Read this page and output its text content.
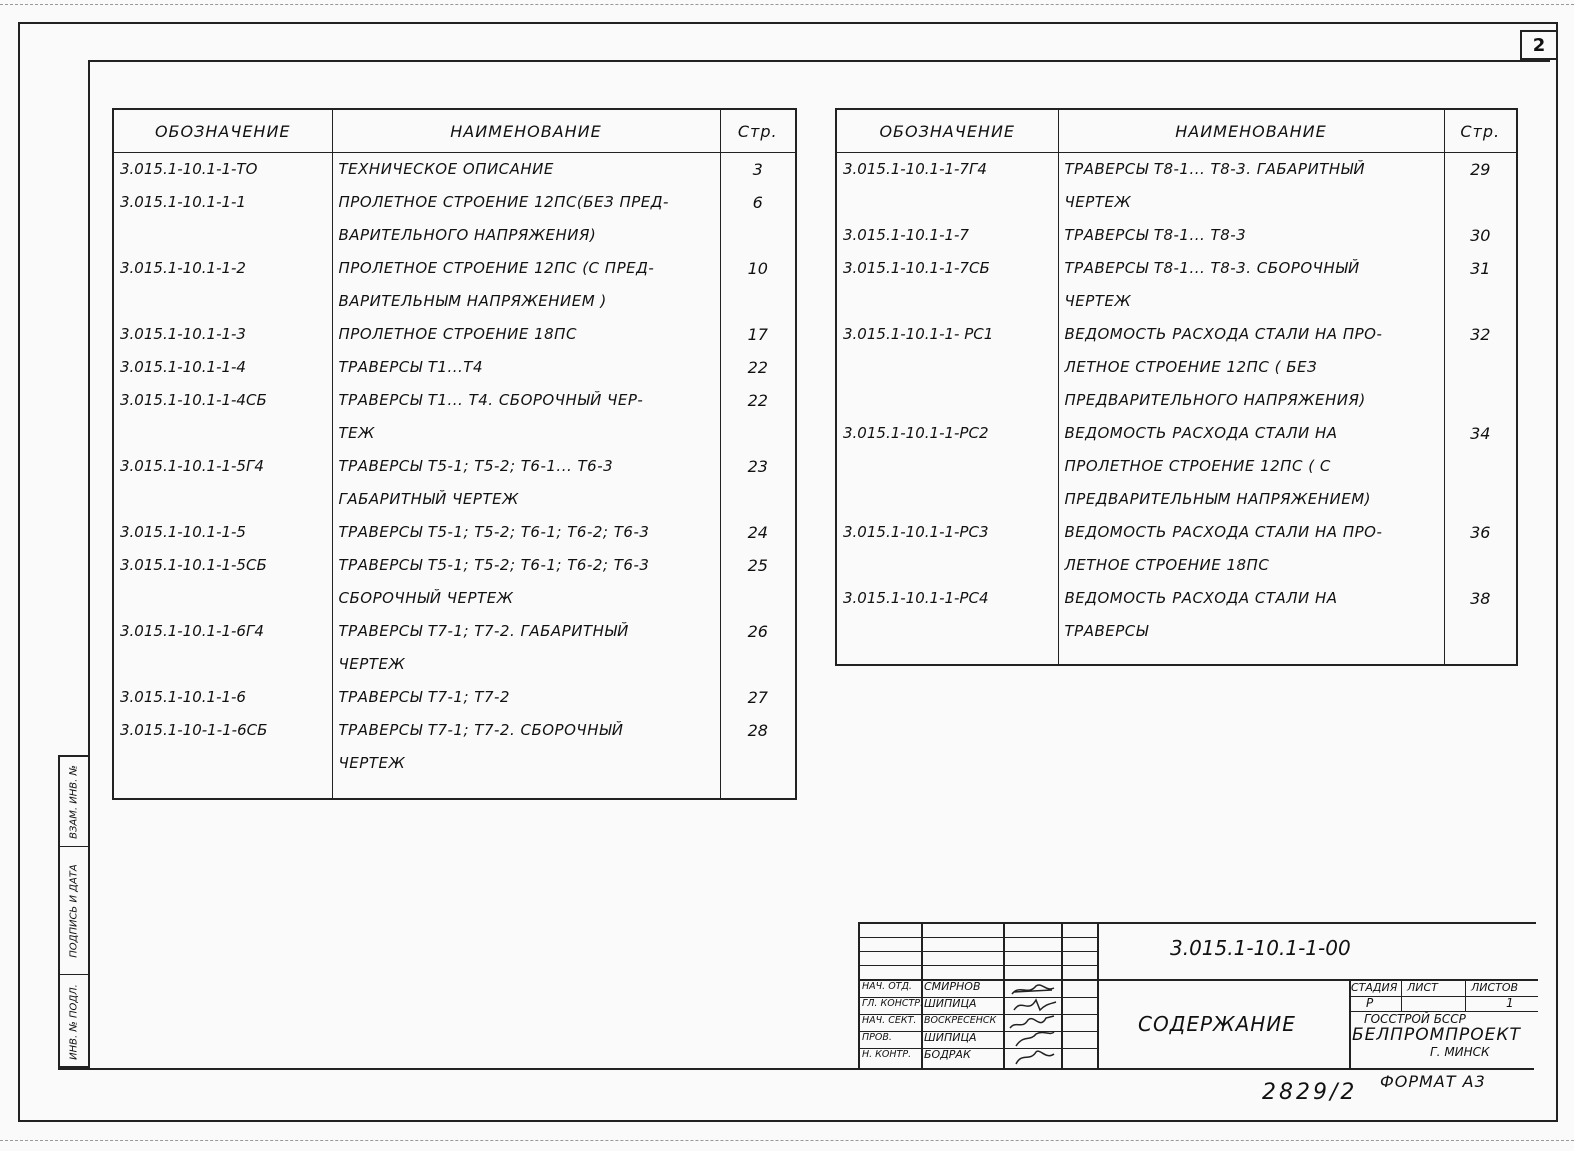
2
ОБОЗНАЧЕНИЕ	НАИМЕНОВАНИЕ	Стр.
3.015.1-10.1-1-ТО	ТЕХНИЧЕСКОЕ ОПИСАНИЕ	3
3.015.1-10.1-1-1	ПРОЛЕТНОЕ СТРОЕНИЕ 12ПС(БЕЗ ПРЕД-
ВАРИТЕЛЬНОГО НАПРЯЖЕНИЯ)	6
3.015.1-10.1-1-2	ПРОЛЕТНОЕ СТРОЕНИЕ 12ПС (С ПРЕД-
ВАРИТЕЛЬНЫМ НАПРЯЖЕНИЕМ )	10
3.015.1-10.1-1-3	ПРОЛЕТНОЕ СТРОЕНИЕ 18ПС	17
3.015.1-10.1-1-4	ТРАВЕРСЫ Т1...Т4	22
3.015.1-10.1-1-4СБ	ТРАВЕРСЫ Т1... Т4. СБОРОЧНЫЙ ЧЕР-
ТЕЖ	22
3.015.1-10.1-1-5Г4	ТРАВЕРСЫ Т5-1; Т5-2; Т6-1... Т6-3
ГАБАРИТНЫЙ ЧЕРТЕЖ	23
3.015.1-10.1-1-5	ТРАВЕРСЫ Т5-1; Т5-2; Т6-1; Т6-2; Т6-3	24
3.015.1-10.1-1-5СБ	ТРАВЕРСЫ Т5-1; Т5-2; Т6-1; Т6-2; Т6-3
СБОРОЧНЫЙ ЧЕРТЕЖ	25
3.015.1-10.1-1-6Г4	ТРАВЕРСЫ Т7-1; Т7-2. ГАБАРИТНЫЙ
ЧЕРТЕЖ	26
3.015.1-10.1-1-6	ТРАВЕРСЫ Т7-1; Т7-2	27
3.015.1-10-1-1-6СБ	ТРАВЕРСЫ Т7-1; Т7-2. СБОРОЧНЫЙ
ЧЕРТЕЖ	28

ОБОЗНАЧЕНИЕ	НАИМЕНОВАНИЕ	Стр.
3.015.1-10.1-1-7Г4	ТРАВЕРСЫ Т8-1... Т8-3. ГАБАРИТНЫЙ
ЧЕРТЕЖ	29
3.015.1-10.1-1-7	ТРАВЕРСЫ Т8-1... Т8-3	30
3.015.1-10.1-1-7СБ	ТРАВЕРСЫ Т8-1... Т8-3. СБОРОЧНЫЙ
ЧЕРТЕЖ	31
3.015.1-10.1-1- РС1	ВЕДОМОСТЬ РАСХОДА СТАЛИ НА ПРО-
ЛЕТНОЕ СТРОЕНИЕ 12ПС ( БЕЗ
ПРЕДВАРИТЕЛЬНОГО НАПРЯЖЕНИЯ)	32
3.015.1-10.1-1-РС2	ВЕДОМОСТЬ РАСХОДА СТАЛИ НА
ПРОЛЕТНОЕ СТРОЕНИЕ 12ПС ( С
ПРЕДВАРИТЕЛЬНЫМ НАПРЯЖЕНИЕМ)	34
3.015.1-10.1-1-РС3	ВЕДОМОСТЬ РАСХОДА СТАЛИ НА ПРО-
ЛЕТНОЕ СТРОЕНИЕ 18ПС	36
3.015.1-10.1-1-РС4	ВЕДОМОСТЬ РАСХОДА СТАЛИ НА
ТРАВЕРСЫ	38

ВЗАМ. ИНВ. №
ПОДПИСЬ И ДАТА
ИНВ. № ПОДЛ.
3.015.1-10.1-1-00
СОДЕРЖАНИЕ
НАЧ. ОТД.
ГЛ. КОНСТР.
НАЧ. СЕКТ.
ПРОВ.
Н. КОНТР.
СМИРНОВ
ШИПИЦА
ВОСКРЕСЕНСК
ШИПИЦА
БОДРАК
СТАДИЯ ЛИСТ	ЛИСТОВ
Р	1
ГОССТРОЙ БССР
БЕЛПРОМПРОЕКТ
Г. МИНСК
2829/2 ФОРМАТ А3
